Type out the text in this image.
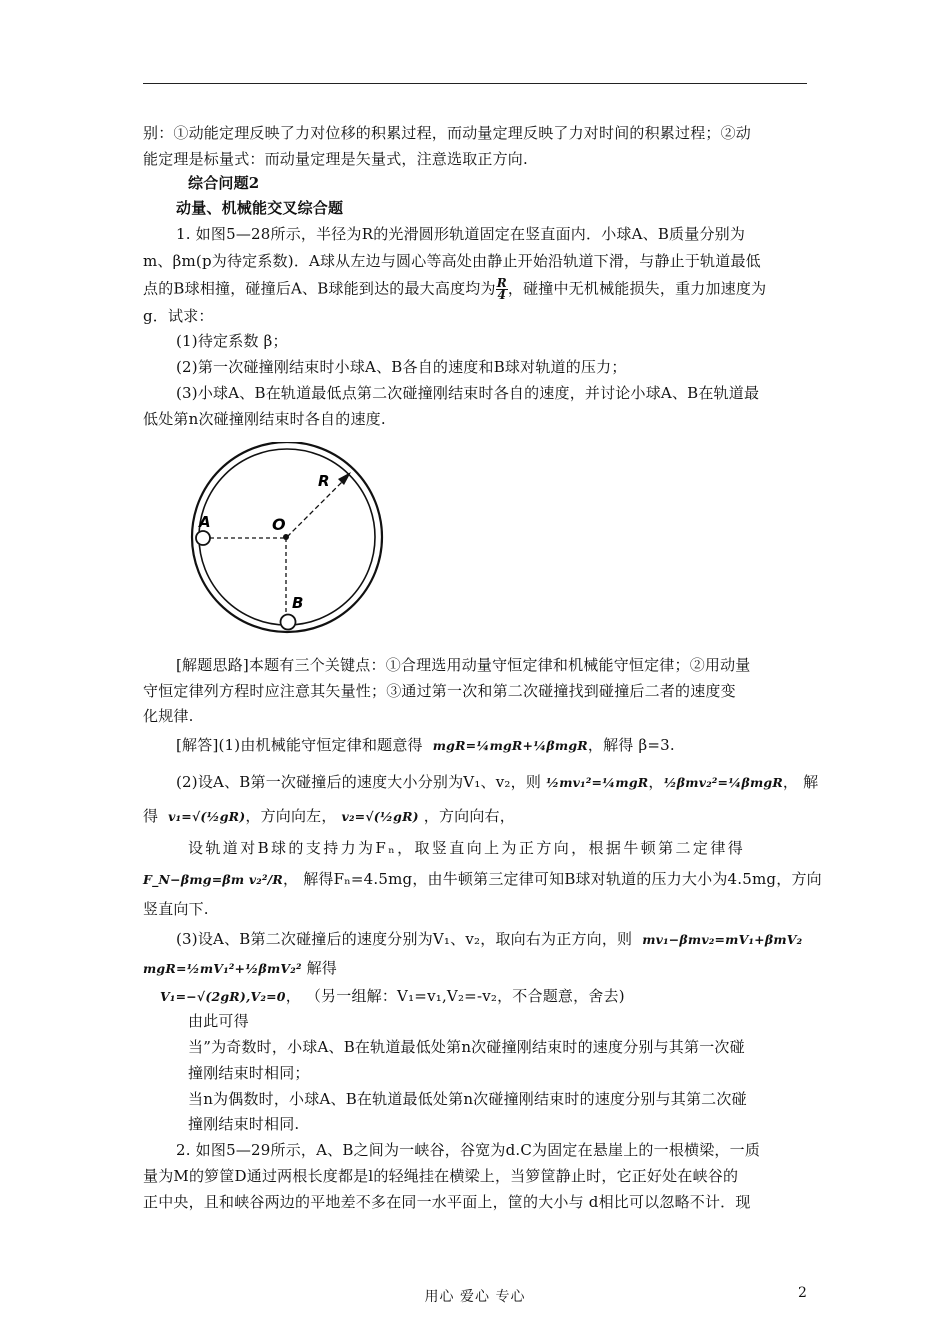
别：①动能定理反映了力对位移的积累过程，而动量定理反映了力对时间的积累过程；②动
能定理是标量式：而动量定理是矢量式，注意选取正方向.
综合问题2
动量、机械能交叉综合题
1. 如图5—28所示，半径为R的光滑圆形轨道固定在竖直面内．小球A、B质量分别为
m、βm(p为待定系数)．A球从左边与圆心等高处由静止开始沿轨道下滑，与静止于轨道最低
点的B球相撞，碰撞后A、B球能到达的最大高度均为 $\frac{R}{4}$ ，碰撞中无机械能损失，重力加速度为
g．试求：
(1)待定系数 β；
(2)第一次碰撞刚结束时小球A、B各自的速度和B球对轨道的压力；
(3)小球A、B在轨道最低点第二次碰撞刚结束时各自的速度，并讨论小球A、B在轨道最
低处第n次碰撞刚结束时各自的速度.
A	O
R
B
[解题思路]本题有三个关键点：①合理选用动量守恒定律和机械能守恒定律；②用动量
守恒定律列方程时应注意其矢量性；③通过第一次和第二次碰撞找到碰撞后二者的速度变
化规律.
[解答](1)由机械能守恒定律和题意得 mgR=¼mgR+¼βmgR，解得 β=3.
(2)设A、B第一次碰撞后的速度大小分别为V₁、v₂，则 ½mv₁²=¼mgR，½βmv₂²=¼βmgR， 解
得 v₁=√(½gR)，方向向左， v₂=√(½gR) ，方向向右，
设轨道对B球的支持力为Fₙ，取竖直向上为正方向，根据牛顿第二定律得
F_N−βmg=βm v₂²/R， 解得Fₙ=4.5mg，由牛顿第三定律可知B球对轨道的压力大小为4.5mg，方向
竖直向下.
(3)设A、B第二次碰撞后的速度分别为V₁、v₂，取向右为正方向，则 mv₁−βmv₂=mV₁+βmV₂
mgR=½mV₁²+½βmV₂² 解得
V₁=−√(2gR),V₂=0， （另一组解：V₁=v₁,V₂=-v₂，不合题意，舍去)
由此可得
当”为奇数时，小球A、B在轨道最低处第n次碰撞刚结束时的速度分别与其第一次碰
撞刚结束时相同；
当n为偶数时，小球A、B在轨道最低处第n次碰撞刚结束时的速度分别与其第二次碰
撞刚结束时相同.
2. 如图5—29所示，A、B之间为一峡谷，谷宽为d.C为固定在悬崖上的一根横梁，一质
量为M的箩筐D通过两根长度都是l的轻绳挂在横梁上，当箩筐静止时，它正好处在峡谷的
正中央，且和峡谷两边的平地差不多在同一水平面上，筐的大小与 d相比可以忽略不计．现
用心 爱心 专心	2
